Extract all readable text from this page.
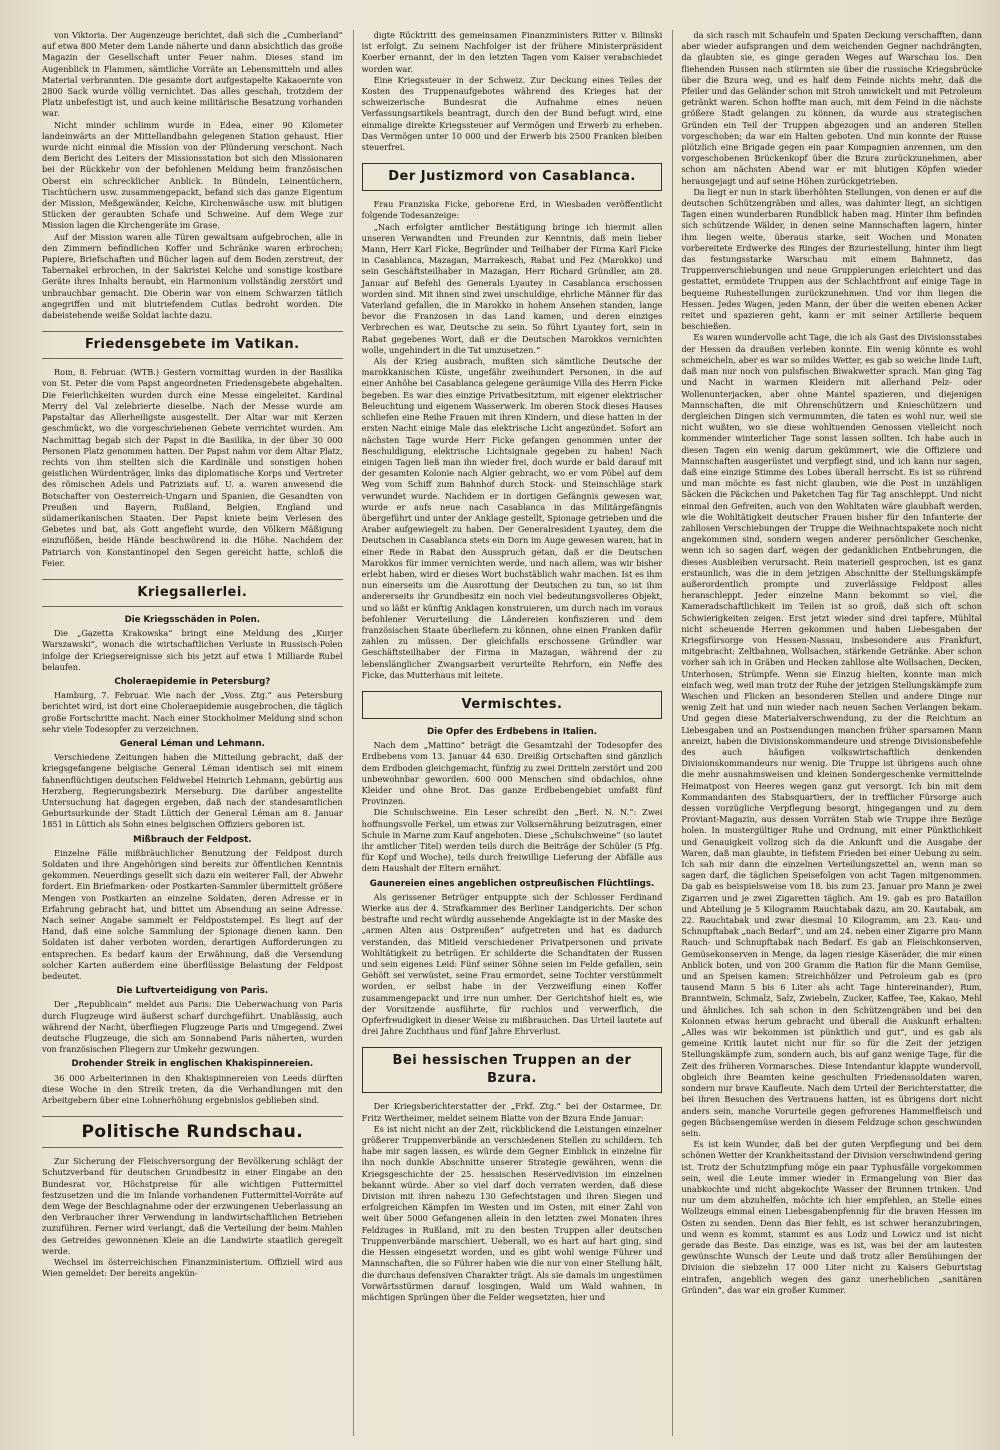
von Viktoria. Der Augenzeuge berichtet, daß sich die „Cumberland“ auf etwa 800 Meter dem Lande näherte und dann absichtlich das große Magazin der Gesellschaft unter Feuer nahm. Dieses stand im Augenblick in Flammen, sämtliche Vorräte an Lebensmitteln und alles Material verbrannten. Die gesamte dort aufgestapelte Kakaoernte von 2800 Sack wurde völlig vernichtet. Das alles geschah, trotzdem der Platz unbefestigt ist, und auch keine militärische Besatzung vorhanden war.

Nicht minder schlimm wurde in Edea, einer 90 Kilometer landeinwärts an der Mittellandbahn gelegenen Station gehaust. Hier wurde nicht einmal die Mission von der Plünderung verschont. Nach dem Bericht des Leiters der Missionsstation bot sich den Missionaren bei der Rückkehr von der befohlenen Meldung beim französischen Oberst ein schrecklicher Anblick. In Bündeln, Leinentüchern, Tischtüchern usw. zusammengepackt, befand sich das ganze Eigentum der Mission, Meßgewänder, Kelche, Kirchenwäsche usw. mit blutigen Stücken der geraubten Schafe und Schweine. Auf dem Wege zur Mission lagen die Kirchengeräte im Grase.

Auf der Mission waren alle Türen gewaltsam aufgebrochen, alle in den Zimmern befindlichen Koffer und Schränke waren erbrochen; Papiere, Briefschaften und Bücher lagen auf dem Boden zerstreut, der Tabernakel erbrochen, in der Sakristei Kelche und sonstige kostbare Geräte ihres Inhalts beraubt, ein Harmonium vollständig zerstört und unbrauchbar gemacht. Die Oberin war von einem Schwarzen tätlich angegriffen und mit blutriefendem Cutlas bedroht worden. Die dabeistehende weiße Soldat lachte dazu.

Friedensgebete im Vatikan.

Rom, 8. Februar. (WTB.) Gestern vormittag wurden in der Basilika von St. Peter die vom Papst angeordneten Friedensgebete abgehalten. Die Feierlichkeiten wurden durch eine Messe eingeleitet. Kardinal Merry del Val zelebrierte dieselbe. Nach der Messe wurde am Papstaltar das Allerheiligste ausgestellt. Der Altar war mit Kerzen geschmückt, wo die vorgeschriebenen Gebete verrichtet wurden. Am Nachmittag begab sich der Papst in die Basilika, in der über 30 000 Personen Platz genommen hatten. Der Papst nahm vor dem Altar Platz, rechts von ihm stellten sich die Kardinäle und sonstigen hohen geistlichen Würdenträger, links das diplomatische Korps und Vertreter des römischen Adels und Patriziats auf. U. a. waren anwesend die Botschafter von Oesterreich-Ungarn und Spanien, die Gesandten von Preußen und Bayern, Rußland, Belgien, England und südamerikanischen Staaten. Der Papst kniete beim Verlesen des Gebetes und bat, als Gott angefleht wurde, den Völkern Mäßigung einzuflößen, beide Hände beschwörend in die Höhe. Nachdem der Patriarch von Konstantinopel den Segen gereicht hatte, schloß die Feier.

Kriegsallerlei.
Die Kriegsschäden in Polen.

Die „Gazetta Krakowska“ bringt eine Meldung des „Kurjer Warszawski“, wonach die wirtschaftlichen Verluste in Russisch-Polen infolge der Kriegsereignisse sich bis jetzt auf etwa 1 Milliarde Rubel belaufen.

Choleraepidemie in Petersburg?

Hamburg, 7. Februar. Wie nach der „Voss. Ztg.“ aus Petersburg berichtet wird, ist dort eine Choleraepidemie ausgebrochen, die täglich große Fortschritte macht. Nach einer Stockholmer Meldung sind schon sehr viele Todesopfer zu verzeichnen.

General Léman und Lehmann.

Verschiedene Zeitungen haben die Mitteilung gebracht, daß der kriegsgefangene belgische General Léman identisch sei mit einem fahnenflüchtigen deutschen Feldwebel Heinrich Lehmann, gebürtig aus Herzberg, Regierungsbezirk Merseburg. Die darüber angestellte Untersuchung hat dagegen ergeben, daß nach der standesamtlichen Geburtsurkunde der Stadt Lüttich der General Léman am 8. Januar 1851 in Lüttich als Sohn eines belgischen Offiziers geboren ist.

Mißbrauch der Feldpost.

Einzelne Fälle mißbräuchlicher Benutzung der Feldpost durch Soldaten und ihre Angehörigen sind bereits zur öffentlichen Kenntnis gekommen. Neuerdings gesellt sich dazu ein weiterer Fall, der Abwehr fordert. Ein Briefmarken- oder Postkarten-Sammler übermittelt größere Mengen von Postkarten an einzelne Soldaten, deren Adresse er in Erfahrung gebracht hat, und bittet um Absendung an seine Adresse. Nach seiner Angabe sammelt er Feldpoststempel. Es liegt auf der Hand, daß eine solche Sammlung der Spionage dienen kann. Den Soldaten ist daher verboten worden, derartigen Aufforderungen zu entsprechen. Es bedarf kaum der Erwähnung, daß die Versendung solcher Karten außerdem eine überflüssige Belastung der Feldpost bedeutet.

Die Luftverteidigung von Paris.

Der „Republicain“ meldet aus Paris: Die Ueberwachung von Paris durch Flugzeuge wird äußerst scharf durchgeführt. Unablässig, auch während der Nacht, überfliegen Flugzeuge Paris und Umgegend. Zwei deutsche Flugzeuge, die sich am Sonnabend Paris näherten, wurden von französischen Fliegern zur Umkehr gezwungen.

Drohender Streik in englischen Khakispinnereien.

36 000 Arbeiterinnen in den Khakispinnereien von Leeds dürften diese Woche in den Streik treten, da die Verhandlungen mit den Arbeitgebern über eine Lohnerhöhung ergebnislos geblieben sind.

Politische Rundschau.

Zur Sicherung der Fleischversorgung der Bevölkerung schlägt der Schutzverband für deutschen Grundbesitz in einer Eingabe an den Bundesrat vor, Höchstpreise für alle wichtigen Futtermittel festzusetzen und die im Inlande vorhandenen Futtermittel-Vorräte auf dem Wege der Beschlagnahme oder der erzwungenen Ueberlassung an den Verbraucher ihrer Verwendung in landwirtschaftlichen Betrieben zuzuführen. Ferner wird verlangt, daß die Verteilung der beim Mahlen des Getreides gewonnenen Kleie an die Landwirte staatlich geregelt werde.

Wechsel im österreichischen Finanzministerium. Offiziell wird aus Wien gemeldet: Der bereits angekün-

digte Rücktritt des gemeinsamen Finanzministers Ritter v. Bilinski ist erfolgt. Zu seinem Nachfolger ist der frühere Ministerpräsident Koerber ernannt, der in den letzten Tagen vom Kaiser verabschiedet worden war.

Eine Kriegssteuer in der Schweiz. Zur Deckung eines Teiles der Kosten des Truppenaufgebotes während des Krieges hat der schweizerische Bundesrat die Aufnahme eines neuen Verfassungsartikels beantragt, durch den der Bund befugt wird, eine einmalige direkte Kriegssteuer auf Vermögen und Erwerb zu erheben. Das Vermögen unter 10 000 und der Erwerb bis 2500 Franken bleiben steuerfrei.

Der Justizmord von Casablanca.

Frau Franziska Ficke, geborene Erd, in Wiesbaden veröffentlicht folgende Todesanzeige:

„Nach erfolgter amtlicher Bestätigung bringe ich hiermit allen unseren Verwandten und Freunden zur Kenntnis, daß mein lieber Mann, Herr Karl Ficke, Begründer und Teilhaber der Firma Karl Ficke in Casablanca, Mazagan, Marrakesch, Rabat und Fez (Marokko) und sein Geschäftsteilhaber in Mazagan, Herr Richard Gründler, am 28. Januar auf Befehl des Generals Lyautey in Casablanca erschossen worden sind. Mit ihnen sind zwei unschuldige, ehrliche Männer für das Vaterland gefallen, die in Marokko in hohem Ansehen standen, lange bevor die Franzosen in das Land kamen, und deren einziges Verbrechen es war, Deutsche zu sein. So führt Lyautey fort, sein in Rabat gegebenes Wort, daß er die Deutschen Marokkos vernichten wolle, ungehindert in die Tat umzusetzen.“

Als der Krieg ausbrach, mußten sich sämtliche Deutsche der marokkanischen Küste, ungefähr zweihundert Personen, in die auf einer Anhöhe bei Casablanca gelegene geräumige Villa des Herrn Ficke begeben. Es war dies einzige Privatbesitztum, mit eigener elektrischer Beleuchtung und eigenem Wasserwerk. Im oberen Stock dieses Hauses schliefen eine Reihe Frauen mit ihren Kindern, und diese hatten in der ersten Nacht einige Male das elektrische Licht angezündet. Sofort am nächsten Tage wurde Herr Ficke gefangen genommen unter der Beschuldigung, elektrische Lichtsignale gegeben zu haben! Nach einigen Tagen ließ man ihn wieder frei, doch wurde er bald darauf mit der gesamten Kolonie nach Algier gebracht, wo er vom Pöbel auf dem Weg vom Schiff zum Bahnhof durch Stock- und Steinschläge stark verwundet wurde. Nachdem er in dortigen Gefängnis gewesen war, wurde er aufs neue nach Casablanca in das Militärgefängnis übergeführt und unter der Anklage gestellt, Spionage getrieben und die Araber aufgewiegelt zu haben. Der Generalresident Lyautey, dem die Deutschen in Casablanca stets ein Dorn im Auge gewesen waren, hat in einer Rede in Rabat den Ausspruch getan, daß er die Deutschen Marokkos für immer vernichten werde, und nach allem, was wir bisher erlebt haben, wird er dieses Wort buchstäblich wahr machen. Ist es ihm nun einerseits um die Ausrottung der Deutschen zu tun, so ist ihm andererseits ihr Grundbesitz ein noch viel bedeutungsvolleres Objekt, und so läßt er künftig Anklagen konstruieren, um durch nach im voraus befohlener Verurteilung die Ländereien konfiszieren und dem französischen Staate überliefern zu können, ohne einen Franken dafür zahlen zu müssen. Der gleichfalls erschossene Gründler war Geschäftsteilhaber der Firma in Mazagan, während der zu lebenslänglicher Zwangsarbeit verurteilte Rehrforn, ein Neffe des Ficke, das Mutterhaus mit leitete.

Vermischtes.
Die Opfer des Erdbebens in Italien.

Nach dem „Mattino“ beträgt die Gesamtzahl der Todesopfer des Erdbebens vom 13. Januar 44 630. Dreißig Ortschaften sind gänzlich dem Erdboden gleichgemacht, fünfzig zu zwei Dritteln zerstört und 200 unbewohnbar geworden. 600 000 Menschen sind obdachlos, ohne Kleider und ohne Brot. Das ganze Erdbebengebiet umfaßt fünf Provinzen.

Die Schulschweine. Ein Leser schreibt den „Berl. N. N.“: Zwei hoffnungsvolle Ferkel, um etwas zur Volksernährung beizutragen, einer Schule in Marne zum Kauf angeboten. Diese „Schulschweine“ (so lautet ihr amtlicher Titel) werden teils durch die Beiträge der Schüler (5 Pfg. für Kopf und Woche), teils durch freiwillige Lieferung der Abfälle aus dem Haushalt der Eltern ernährt.

Gaunereien eines angeblichen ostpreußischen Flüchtlings.

Als gerissener Betrüger entpuppte sich der Schlosser Ferdinand Wierke aus der 4. Strafkammer des Berliner Landgerichts. Der schon bestrafte und recht würdig aussehende Angeklagte ist in der Maske des „armen Alten aus Ostpreußen“ aufgetreten und hat es dadurch verstanden, das Mitleid verschiedener Privatpersonen und private Wohltätigkeit zu betrügen. Er schilderte die Schandtaten der Russen und sein eigenes Leid: Fünf seiner Söhne seien im Felde gefallen, sein Gehöft sei verwüstet, seine Frau ermordet, seine Tochter verstümmelt worden, er selbst habe in der Verzweiflung einen Koffer zusammengepackt und irre nun umher. Der Gerichtshof hielt es, wie der Vorsitzende ausführte, für ruchlos und verwerflich, die Opferfreudigkeit in dieser Weise zu mißbrauchen. Das Urteil lautete auf drei Jahre Zuchthaus und fünf Jahre Ehrverlust.

Bei hessischen Truppen an der Bzura.

Der Kriegsberichterstatter der „Frkf. Ztg.“ bei der Ostarmee, Dr. Fritz Wertheimer, meldet seinem Blatte von der Bzura Ende Januar:

Es ist nicht nicht an der Zeit, rückblickend die Leistungen einzelner größerer Truppenverbände an verschiedenen Stellen zu schildern. Ich habe mir sagen lassen, es würde dem Gegner Einblick in einzelne für ihn noch dunkle Abschnitte unserer Strategie gewähren, wenn die Kriegsgeschichte der 25. hessischen Reservedivision im einzelnen bekannt würde. Aber so viel darf doch verraten werden, daß diese Division mit ihren nahezu 130 Gefechtstagen und ihren Siegen und erfolgreichen Kämpfen im Westen und im Osten, mit einer Zahl von weit über 5000 Gefangenen allein in den letzten zwei Monaten ihres Feldzuges in Rußland, mit zu den besten Truppen aller deutschen Truppenverbände marschiert. Ueberall, wo es hart auf hart ging, sind die Hessen eingesetzt worden, und es gibt wohl wenige Führer und Mannschaften, die so Führer haben wie die nur von einer Stellung hält, die durchaus defensiven Charakter trägt. Als sie damals im ungestümen Vorwärtsstürmen darauf losgingen, Wald um Wald wahnen, in mächtigen Sprüngen über die Felder wegsetzten, hier und

da sich rasch mit Schaufeln und Spaten Deckung verschafften, dann aber wieder aufsprangen und dem weichenden Gegner nachdrängten, da glaubten sie, es ginge geraden Weges auf Warschau los. Den fliehenden Russen nach stürmten sie über die russische Kriegsbrücke über die Bzura weg, und es half dem Feinde nichts mehr, daß die Pfeiler und das Geländer schon mit Stroh umwickelt und mit Petroleum getränkt waren. Schon hoffte man auch, mit dem Feind in die nächste größere Stadt gelangen zu können, da wurde aus strategischen Gründen ein Teil der Truppen abgezogen und an anderen Stellen vorgeschoben; da war ein Halten geboten. Und nun konnte der Russe plötzlich eine Brigade gegen ein paar Kompagnien anrennen, um den vorgeschobenen Brückenkopf über die Bzura zurückzunehmen, aber schon am nächsten Abend war er mit blutigen Köpfen wieder herausgejagt und auf seine Höhen zurückgetrieben.

Da liegt er nun in stark überhöhten Stellungen, von denen er auf die deutschen Schützengräben und alles, was dahinter liegt, an sichtigen Tagen einen wunderbaren Rundblick haben mag. Hinter ihm befinden sich schützende Wälder, in denen seine Mannschaften lagern, hinter ihm liegen weite, überaus starke, seit Wochen und Monaten vorbereitete Erdwerke des Ringes der Bzuriestellung, hinter ihm liegt das festungsstarke Warschau mit einem Bahnnetz, das Truppenverschiebungen und neue Gruppierungen erleichtert und das gestattet, ermüdete Truppen aus der Schlachtfront auf einige Tage in bequeme Ruhestellungen zurückzunehmen. Und vor ihm liegen die Hessen. Jedes Wagen, jeden Mann, der über die weiten ebenen Acker reitet und spazieren geht, kann er mit seiner Artillerie bequem beschießen.

Es waren wundervolle acht Tage, die ich als Gast des Divisionsstabes der Hessen da draußen verleben konnte. Ein wenig könnte es wohl schmeicheln, aber es war so mildes Wetter, es gab so weiche linde Luft, daß man nur noch von pulsfischen Biwakwetter sprach. Man ging Tag und Nacht in warmen Kleidern mit allerhand Pelz- oder Wollenunterjacken, aber ohne Mantel spazieren, und diejenigen Mannschaften, die mit Ohrenschützern und Knieschützern und dergleichen Dingen sich vermummten, die taten es wohl nur, weil sie nicht wußten, wo sie diese wohltuenden Genossen vielleicht noch kommender winterlicher Tage sonst lassen sollten. Ich habe auch in diesen Tagen ein wenig darum gekümmert, wie die Offiziere und Mannschaften ausgerüstet und verpflegt sind, und ich kann nur sagen, daß eine einzige Stimme des Lobes überall herrscht. Es ist so rührend und man möchte es fast nicht glauben, wie die Post in unzähligen Säcken die Päckchen und Paketchen Tag für Tag anschleppt. Und nicht einmal den Gefreiten, auch von den Wohltaten wäre glaubhaft werden, wie die Wohltätigkeit deutscher Frauen bisher für den Infanterie der zahllosen Verschiebungen der Truppe die Weihnachtspakete noch nicht angekommen sind, sondern wegen anderer persönlicher Geschenke, wenn ich so sagen darf, wegen der gedanklichen Entbehrungen, die dieses Ausbleiben verursacht. Rein materiell gesprochen, ist es ganz erstaunlich, was die in dem jetzigen Abschnitte der Stellungskämpfe außerordentlich prompte und zuverlässige Feldpost alles heranschleppt. Jeder einzelne Mann bekommt so viel, die Kameradschaftlichkeit im Teilen ist so groß, daß sich oft schon Schwierigkeiten zeigen. Erst jetzt wieder sind drei tapfere, Mühltal nicht scheuende Herren gekommen und haben Liebesgaben der Kriegsfürsorge von Hessen-Nassau, insbesondere aus Frankfurt, mitgebracht: Zeltbahnen, Wollsachen, stärkende Getränke. Aber schon vorher sah ich in Gräben und Hecken zahllose alte Wollsachen, Decken, Unterhosen, Strümpfe. Wenn sie Einzug hielten, konnte man mich einfach weg, weil man trotz der Ruhe der jetzigen Stellungskämpfe zum Waschen und Flicken an besonderen Stellen und andere Dinge nur wenig Zeit hat und nun wieder nach neuen Sachen Verlangen bekam. Und gegen diese Materialverschwendung, zu der die Reichtum an Liebesgaben und an Postsendungen manchen früher sparsamen Mann anreizt, haben die Divisionskommandeure und strenge Divisionsbefehle des auch häufigen volkswirtschaftlich denkenden Divisionskommandeurs nur wenig. Die Truppe ist übrigens auch ohne die mehr ausnahmsweisen und kleinen Sondergeschenke vermittelnde Heimatpost von Heeres wegen ganz gut versorgt. Ich bin mit dem Kommandanten des Stabsquartiers, der in trefflicher Fürsorge auch dessen vorzügliche Verpflegung besorgt, hingegangen und zu dem Proviant-Magazin, aus dessen Vorräten Stab wie Truppe ihre Bezüge holen. In mustergültiger Ruhe und Ordnung, mit einer Pünktlichkeit und Genauigkeit vollzog sich da die Ankunft und die Ausgabe der Waren, daß man glaubte, in tiefstem Frieden bei einer Uebung zu sein. Ich sah mir dann die einzelnen Verteilungszettel an, wenn man so sagen darf, die täglichen Speisefolgen von acht Tagen mitgenommen. Da gab es beispielsweise vom 18. bis zum 23. Januar pro Mann je zwei Zigarren und je zwei Zigaretten täglich. Am 19. gab es pro Bataillon und Abteilung je 5 Kilogramm Rauchtabak dazu, am 20. Kautabak, am 22. Rauchtabak und zwar diesmal 10 Kilogramm, am 23. Kau- und Schnupftabak „nach Bedarf“, und am 24. neben einer Zigarre pro Mann Rauch- und Schnupftabak nach Bedarf. Es gab an Fleischkonserven, Gemüsekonserven in Menge, da lagen riesige Käseräder, die mir einen Anblick boten, und von 200 Gramm die Ration für die Mann Gemüse, und an Speisen kamen: Streichhölzer und Petroleum gab es (pro tausend Mann 5 bis 6 Liter als acht Tage hintereinander), Rum, Branntwein, Schmalz, Salz, Zwiebeln, Zucker, Kaffee, Tee, Kakao, Mehl und ähnliches. Ich sah schon in den Schützengräben und bei den Kolonnen etwas herum gebracht und überall die Auskunft erhalten: „Alles was wir bekommen ist pünktlich und gut“, und es gab als gemeine Kritik lautet nicht nur für so für die Zeit der jetzigen Stellungskämpfe zum, sondern auch, bis auf ganz wenige Tage, für die Zeit des früheren Vormarsches. Diese Intendantur klappte wundervoll, obgleich ihre Beamten keine geschulten Friedenssoldaten waren, sondern nur brave Kaufleute. Nach dem Urteil der Berichterstatter, die bei ihren Besuchen des Vertrauens hatten, ist es übrigens dort nicht anders sein, manche Vorurteile gegen gefrorenes Hammelfleisch und gegen Büchsengemüse werden in diesem Feldzuge schon geschwunden sein.

Es ist kein Wunder, daß bei der guten Verpflegung und bei dem schönen Wetter der Krankheitsstand der Division verschwindend gering ist. Trotz der Schutzimpfung möge ein paar Typhusfälle vorgekommen sein, weil die Leute immer wieder in Ermangelung von Bier das unabkochte und nicht abgekochte Wasser der Brunnen trinken. Und nur um dem abzuhelfen, möchte ich hier empfehlen, an Stelle eines Wollzeugs einmal einen Liebesgabenpfennig für die braven Hessen im Osten zu senden. Denn das Bier fehlt, es ist schwer heranzubringen, und wenn es kommt, stammt es aus Lodz und Lowicz und ist nicht gerade das Beste. Das einzige, was es ist, was bei der am lautesten gewünschte Wunsch der Leute und daß trotz aller Bemühungen der Division die siebzehn 17 000 Liter nicht zu Kaisers Geburtstag eintrafen, angeblich wegen des ganz unerheblichen „sanitären Gründen“, das war ein großer Kummer.
